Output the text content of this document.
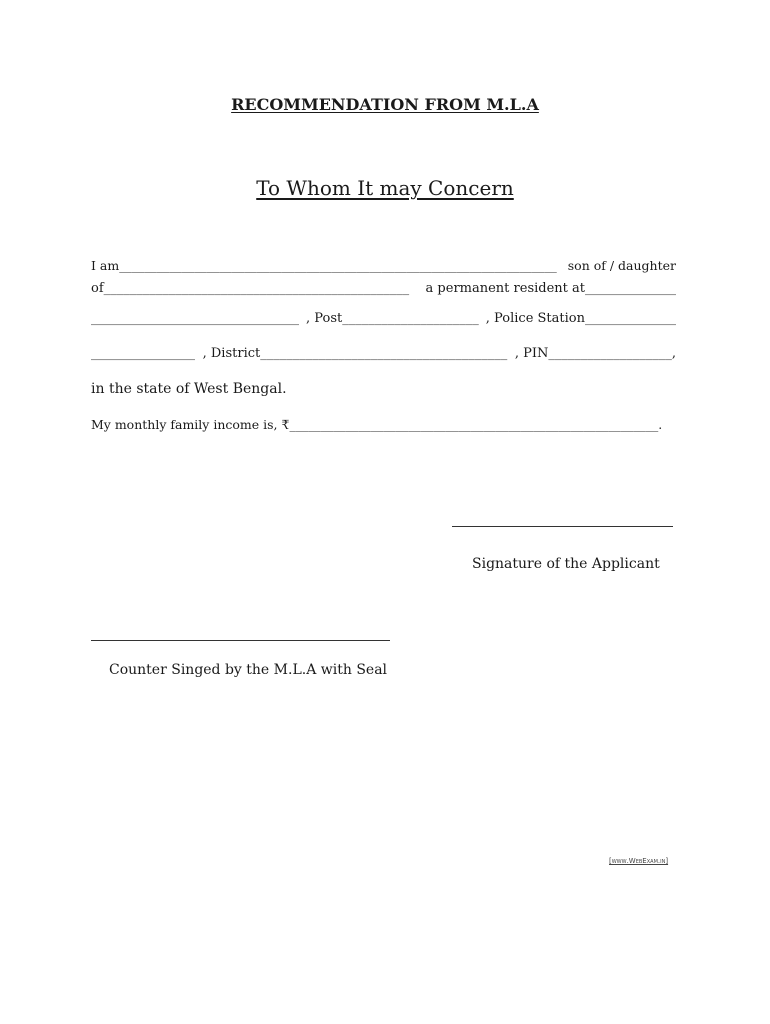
RECOMMENDATION FROM M.L.A
To Whom It may Concern
I am______________________________________________________________________ son of / daughter
of_______________________________________________ a permanent resident at______________
________________________________ , Post_____________________ , Police Station______________
________________ , District______________________________________ , PIN___________________,
in the state of West Bengal.
My monthly family income is, ₹___________________________________________________________.
Signature of the Applicant
Counter Singed by the M.L.A with Seal
[www.WebExam.in]
